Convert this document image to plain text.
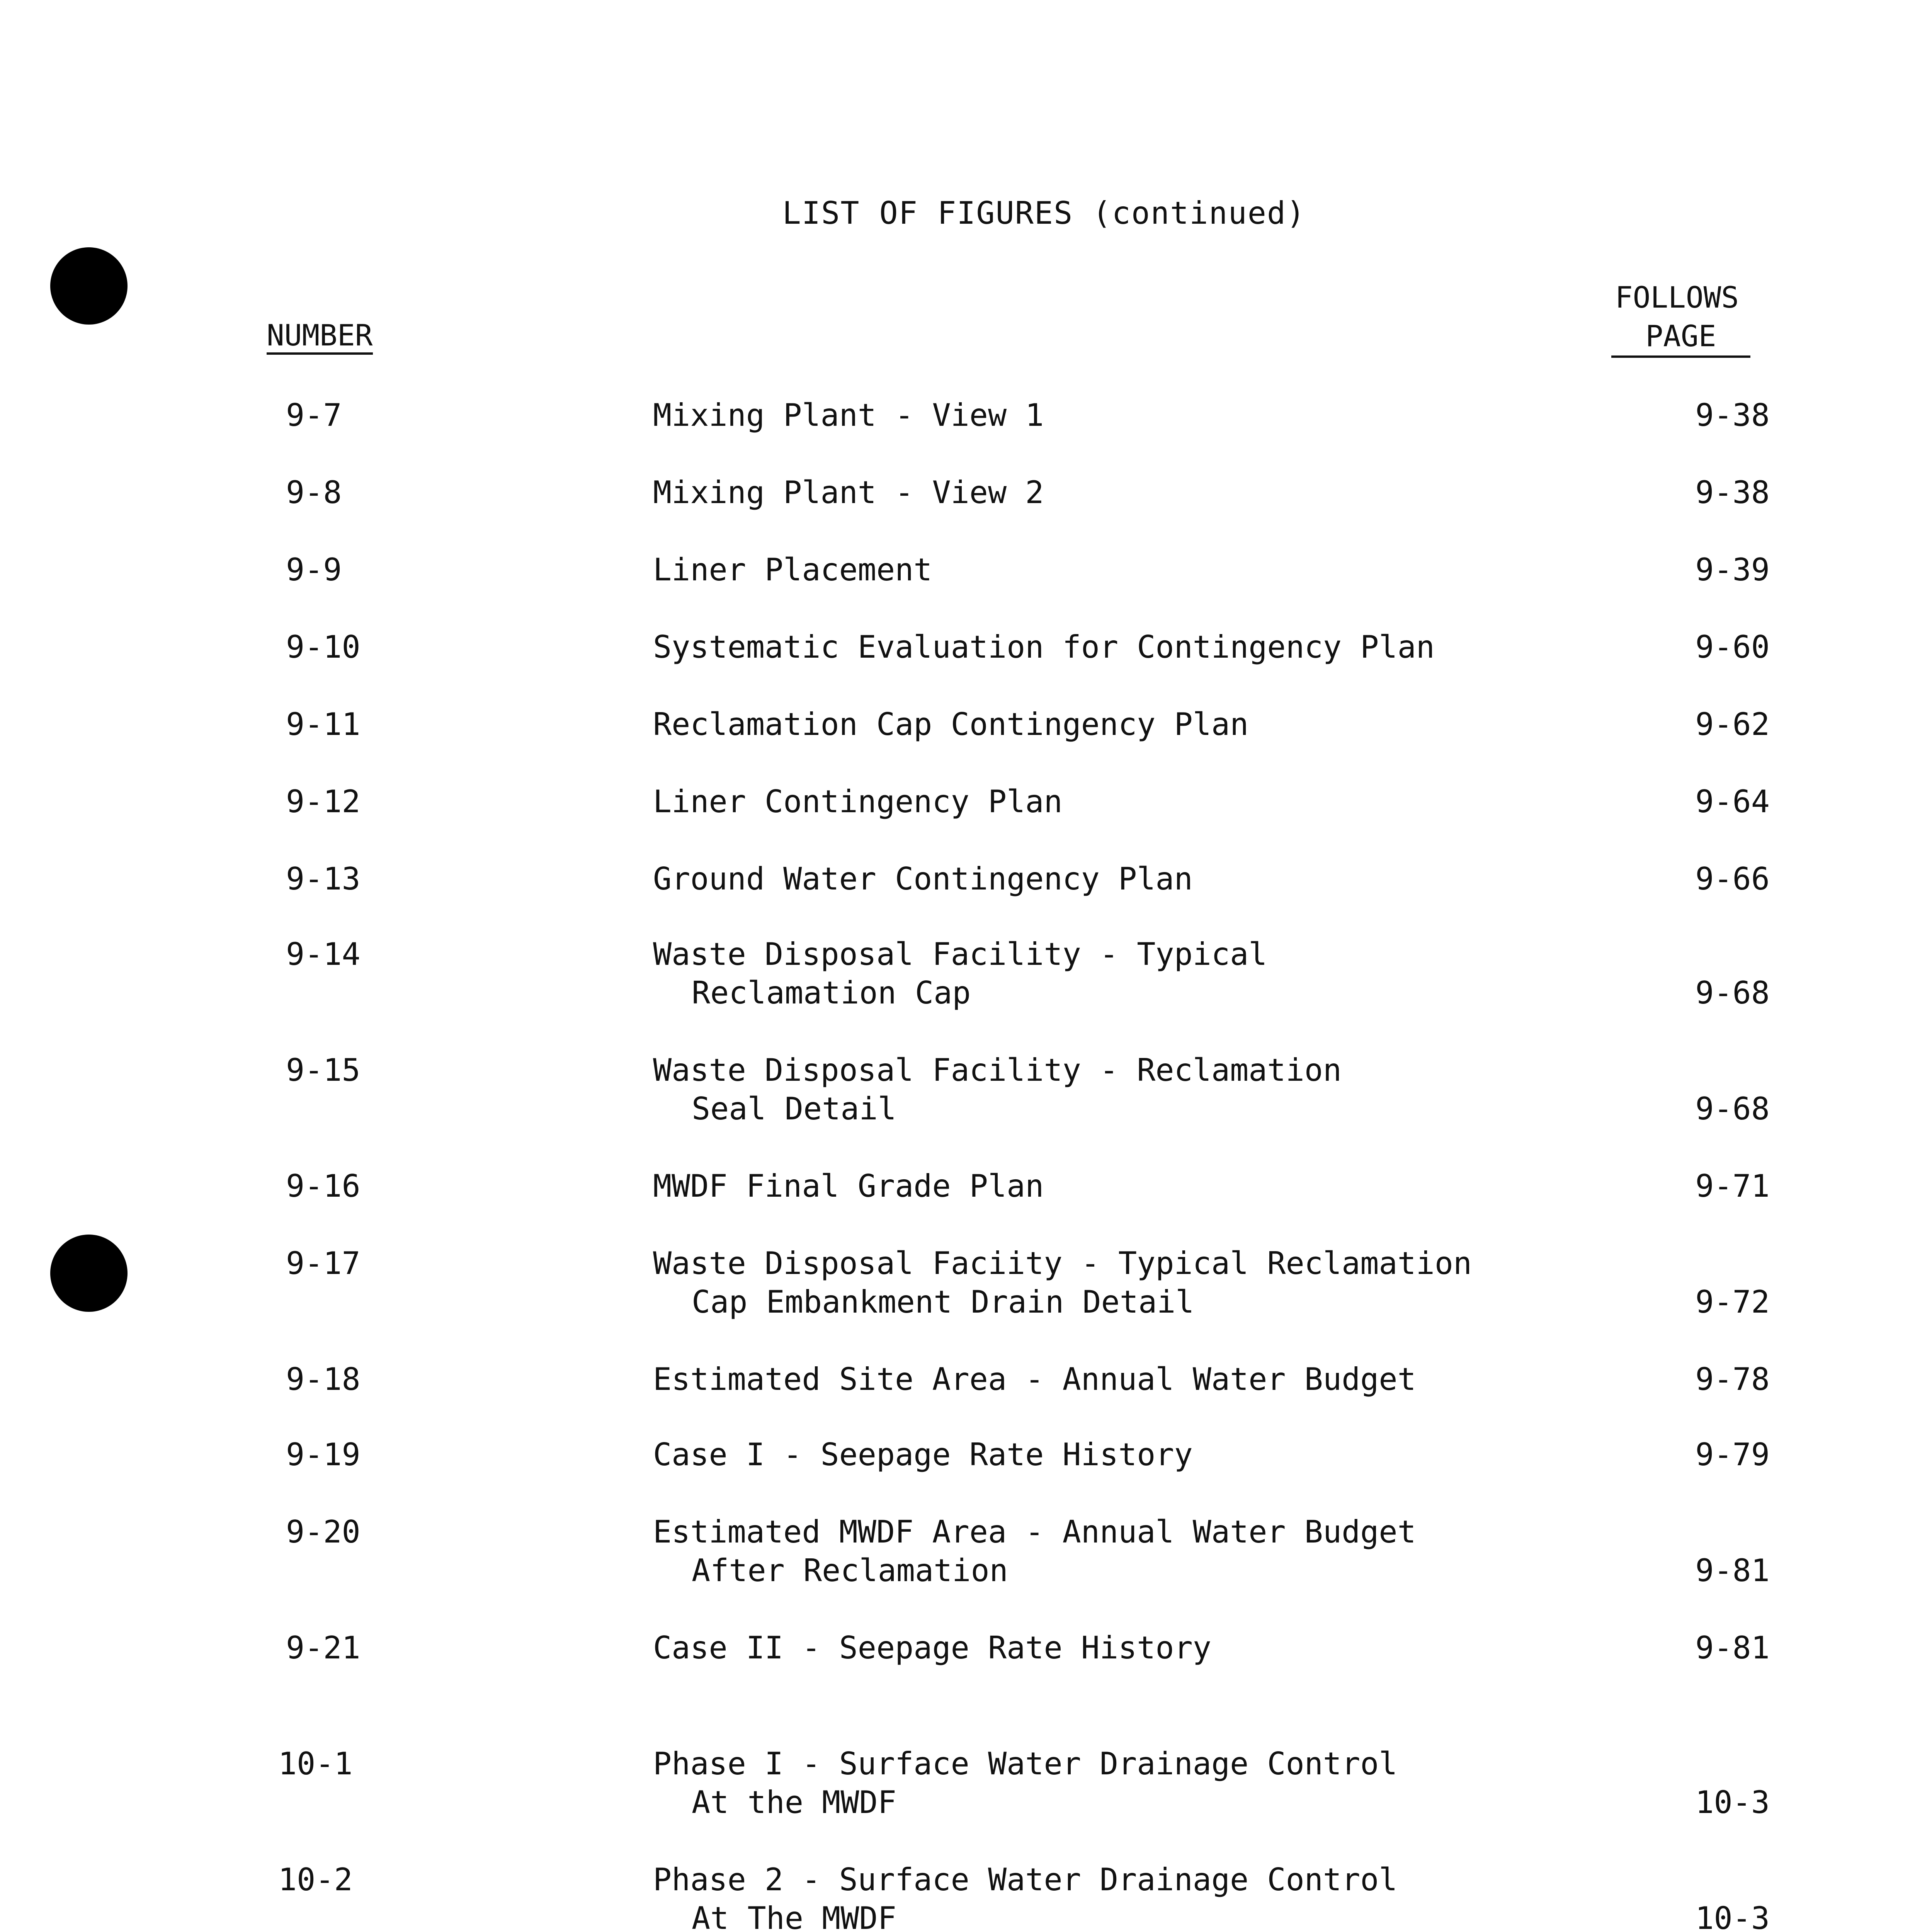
LIST OF FIGURES (continued)
NUMBER
FOLLOWS
PAGE
9-7	Mixing Plant - View 1	9-38
9-8	Mixing Plant - View 2	9-38
9-9	Liner Placement	9-39
9-10	Systematic Evaluation for Contingency Plan	9-60
9-11	Reclamation Cap Contingency Plan	9-62
9-12	Liner Contingency Plan	9-64
9-13	Ground Water Contingency Plan	9-66
9-14	Waste Disposal Facility - Typical
Reclamation Cap	9-68
9-15	Waste Disposal Facility - Reclamation
Seal Detail	9-68
9-16	MWDF Final Grade Plan	9-71
9-17	Waste Disposal Faciity - Typical Reclamation
Cap Embankment Drain Detail	9-72
9-18	Estimated Site Area - Annual Water Budget	9-78
9-19	Case I - Seepage Rate History	9-79
9-20	Estimated MWDF Area - Annual Water Budget
After Reclamation	9-81
9-21	Case II - Seepage Rate History	9-81
10-1	Phase I - Surface Water Drainage Control
At the MWDF	10-3
10-2	Phase 2 - Surface Water Drainage Control
At The MWDF	10-3
